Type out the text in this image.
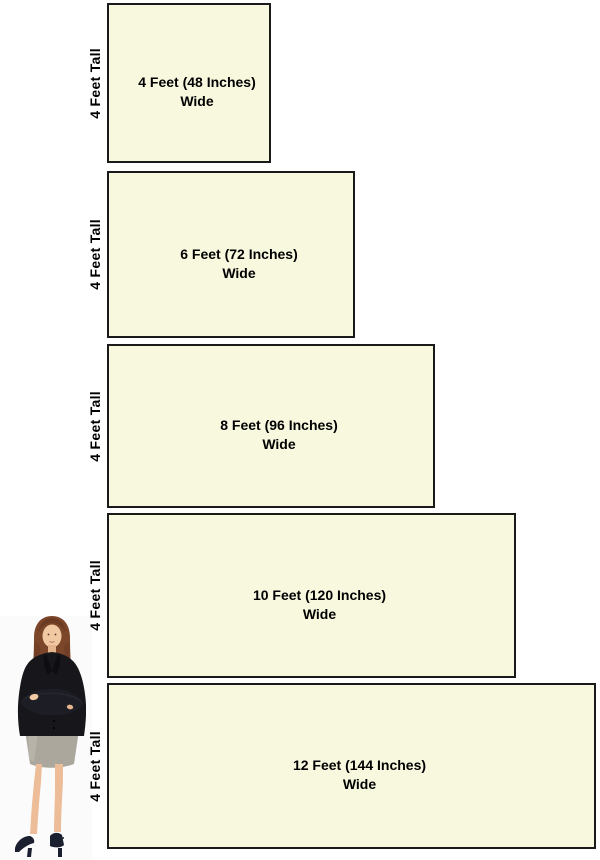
4 Feet Tall	4 Feet (48 Inches)
Wide
4 Feet Tall	6 Feet (72 Inches)
Wide
4 Feet Tall	8 Feet (96 Inches)
Wide
4 Feet Tall	10 Feet (120 Inches)
Wide
4 Feet Tall	12 Feet (144 Inches)
Wide
